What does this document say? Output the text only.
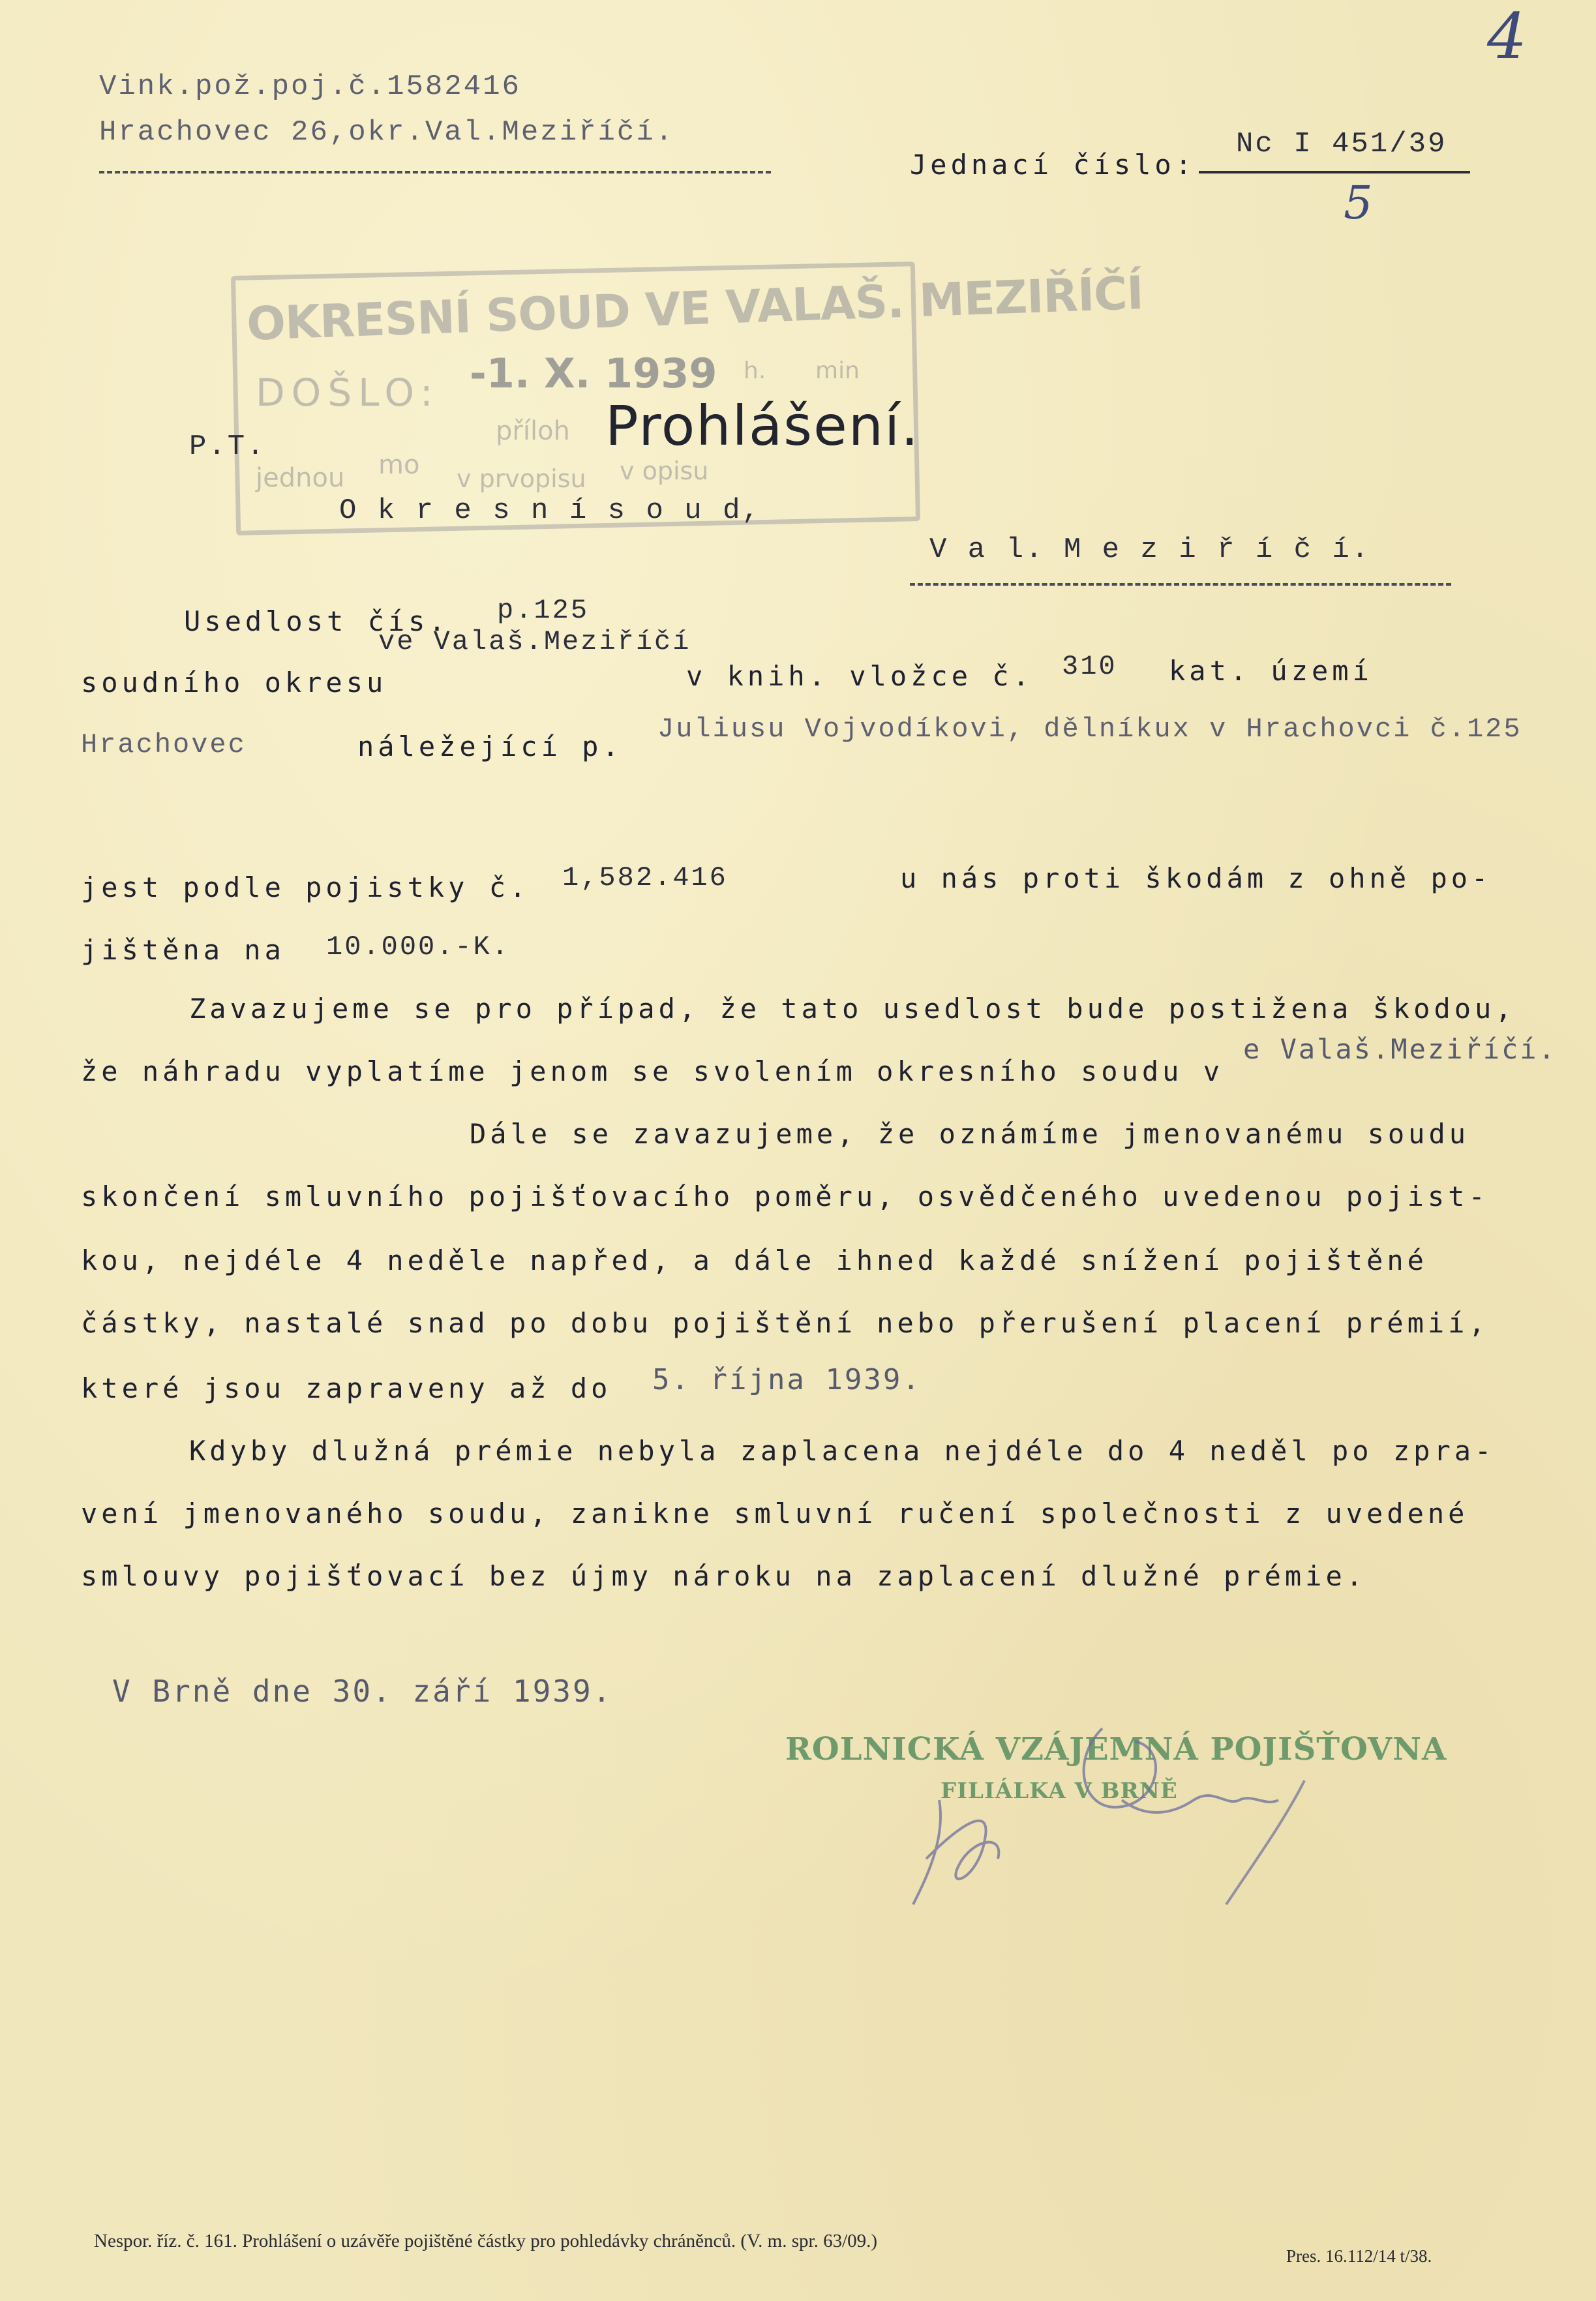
Vink.pož.poj.č.1582416
Hrachovec 26,okr.Val.Meziříčí.
Jednací číslo:
Nc I 451/39
5
4
OKRESNÍ SOUD VE VALAŠ. MEZIŘÍČÍ
DOŠLO: -1. X. 1939 h. min
jednou mo
příloh
v prvopisu v opisu
P.T.	Prohlášení.
O k r e s n í s o u d,
V a l. M e z i ř í č í.
Usedlost čís. p.125
ve Valaš.Meziříčí
soudního okresu	v knih. vložce č. 310 kat. území
Hrachovec	náležející p.
Juliusu Vojvodíkovi, dělníkux v Hrachovci č.125
jest podle pojistky č. 1,582.416	u nás proti škodám z ohně po-
jištěna na 10.000.-K.
Zavazujeme se pro případ, že tato usedlost bude postižena škodou,
že náhradu vyplatíme jenom se svolením okresního soudu v
e Valaš.Meziříčí.
Dále se zavazujeme, že oznámíme jmenovanému soudu
skončení smluvního pojišťovacího poměru, osvědčeného uvedenou pojist-
kou, nejdéle 4 neděle napřed, a dále ihned každé snížení pojištěné
částky, nastalé snad po dobu pojištění nebo přerušení placení prémií,
které jsou zapraveny až do 5. října 1939.
Kdyby dlužná prémie nebyla zaplacena nejdéle do 4 neděl po zpra-
vení jmenovaného soudu, zanikne smluvní ručení společnosti z uvedené
smlouvy pojišťovací bez újmy nároku na zaplacení dlužné prémie.
V Brně dne 30. září 1939.
ROLNICKÁ VZÁJEMNÁ POJIŠŤOVNA
FILIÁLKA V BRNĚ
Nespor. říz. č. 161. Prohlášení o uzávěře pojištěné částky pro pohledávky chráněnců. (V. m. spr. 63/09.)
Pres. 16.112/14 t/38.
